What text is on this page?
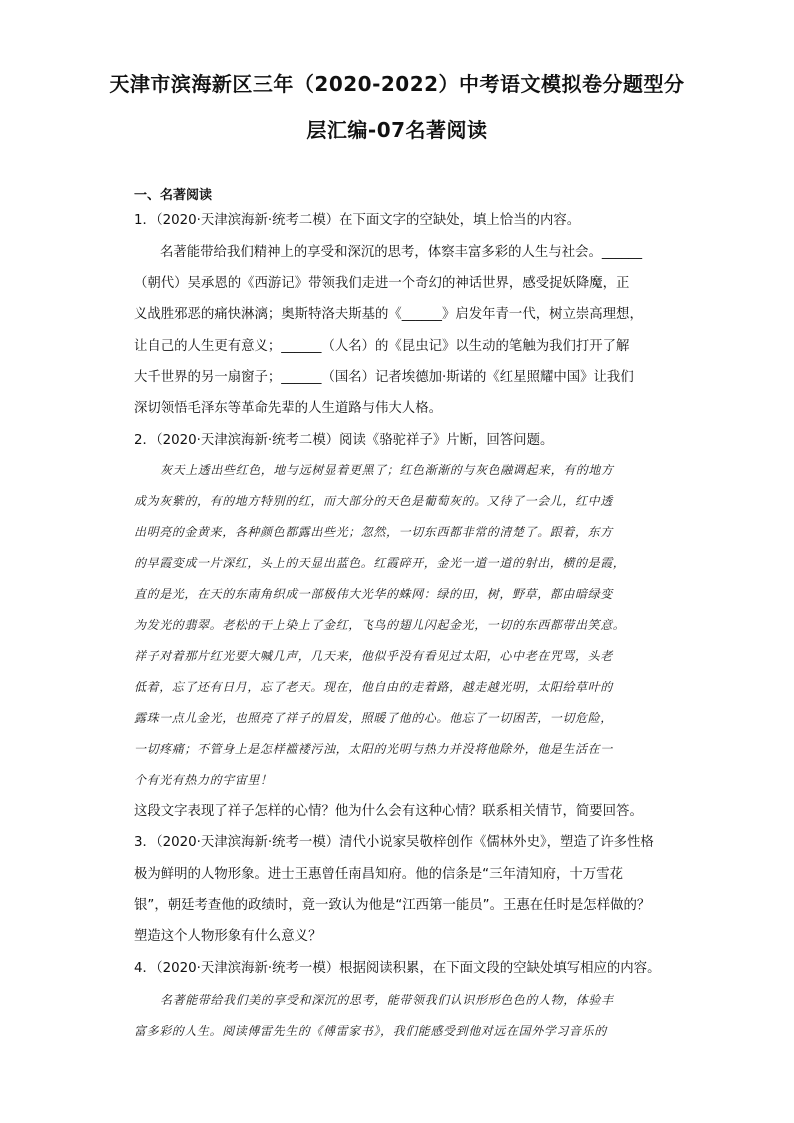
天津市滨海新区三年（2020-2022）中考语文模拟卷分题型分
层汇编-07名著阅读
一、名著阅读
1．（2020·天津滨海新·统考二模）在下面文字的空缺处，填上恰当的内容。
名著能带给我们精神上的享受和深沉的思考，体察丰富多彩的人生与社会。______
（朝代）吴承恩的《西游记》带领我们走进一个奇幻的神话世界，感受捉妖降魔，正
义战胜邪恶的痛快淋漓；奥斯特洛夫斯基的《______》启发年青一代，树立崇高理想，
让自己的人生更有意义；______（人名）的《昆虫记》以生动的笔触为我们打开了解
大千世界的另一扇窗子；______（国名）记者埃德加·斯诺的《红星照耀中国》让我们
深切领悟毛泽东等革命先辈的人生道路与伟大人格。
2．（2020·天津滨海新·统考二模）阅读《骆驼祥子》片断，回答问题。
灰天上透出些红色，地与远树显着更黑了；红色渐渐的与灰色融调起来，有的地方
成为灰紫的，有的地方特别的红，而大部分的天色是葡萄灰的。又待了一会儿，红中透
出明亮的金黄来，各种颜色都露出些光；忽然，一切东西都非常的清楚了。跟着，东方
的早霞变成一片深红，头上的天显出蓝色。红霞碎开，金光一道一道的射出，横的是霞，
直的是光，在天的东南角织成一部极伟大光华的蛛网：绿的田，树，野草，都由暗绿变
为发光的翡翠。老松的干上染上了金红，飞鸟的翅儿闪起金光，一切的东西都带出笑意。
祥子对着那片红光要大喊几声，几天来，他似乎没有看见过太阳，心中老在咒骂，头老
低着，忘了还有日月，忘了老天。现在，他自由的走着路，越走越光明，太阳给草叶的
露珠一点儿金光，也照亮了祥子的眉发，照暖了他的心。他忘了一切困苦，一切危险，
一切疼痛；不管身上是怎样褴褛污浊，太阳的光明与热力并没将他除外，他是生活在一
个有光有热力的宇宙里！
这段文字表现了祥子怎样的心情？他为什么会有这种心情？联系相关情节，简要回答。
3．（2020·天津滨海新·统考一模）清代小说家吴敬梓创作《儒林外史》，塑造了许多性格
极为鲜明的人物形象。进士王惠曾任南昌知府。他的信条是“三年清知府，十万雪花
银”，朝廷考查他的政绩时，竟一致认为他是“江西第一能员”。王惠在任时是怎样做的？
塑造这个人物形象有什么意义？
4．（2020·天津滨海新·统考一模）根据阅读积累，在下面文段的空缺处填写相应的内容。
名著能带给我们美的享受和深沉的思考，能带领我们认识形形色色的人物，体验丰
富多彩的人生。阅读傅雷先生的《傅雷家书》，我们能感受到他对远在国外学习音乐的
